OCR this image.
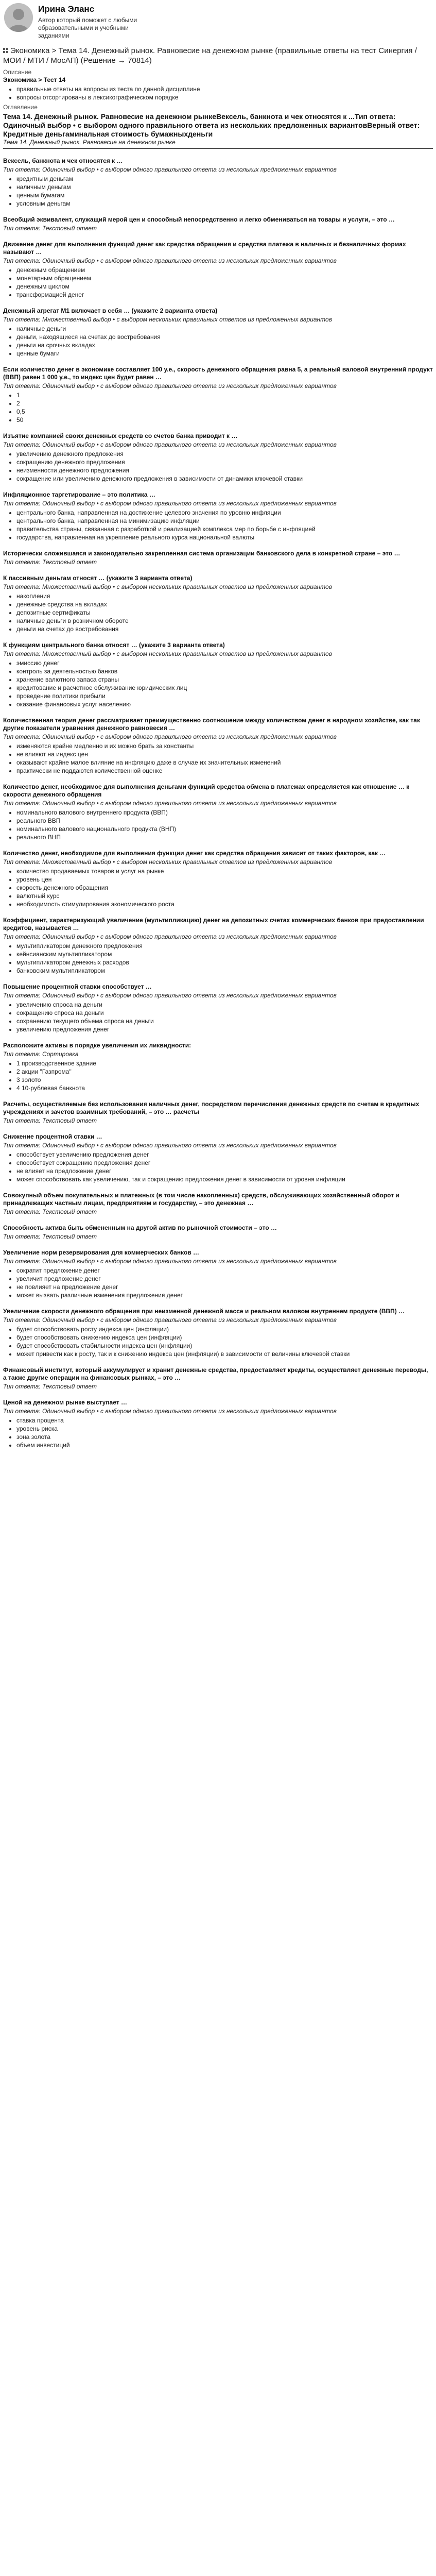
Ирина Эланс
Автор который поможет с любыми образовательными и учебными заданиями
Экономика > Тема 14. Денежный рынок. Равновесие на денежном рынке (правильные ответы на тест Синергия / МОИ / МТИ / МосАП) (Решение → 70814)
Описание
Экономика > Тест 14
• правильные ответы на вопросы из теста по данной дисциплине
• вопросы отсортированы в лексикографическом порядке
Оглавление
Тема 14. Денежный рынок. Равновесие на денежном рынкеВексель, банкнота и чек относятся к ...Тип ответа: Одиночный выбор • с выбором одного правильного ответа из нескольких предложенных вариантовВерный ответ: Кредитные деньгаминальная стоимость бумажныхденьги
Тема 14. Денежный рынок. Равновесие на денежном рынке
Вексель, банкнота и чек относятся к …
Тип ответа: Одиночный выбор • с выбором одного правильного ответа из нескольких предложенных вариантов
• кредитным деньгам
• наличным деньгам
• ценным бумагам
• условным деньгам
Всеобщий эквивалент, служащий мерой цен и способный непосредственно и легко обмениваться на товары и услуги, – это …
Тип ответа: Текстовый ответ
Движение денег для выполнения функций денег как средства обращения и средства платежа в наличных и безналичных формах называют …
Тип ответа: Одиночный выбор • с выбором одного правильного ответа из нескольких предложенных вариантов
• денежным обращением
• монетарным обращением
• денежным циклом
• трансформацией денег
Денежный агрегат М1 включает в себя … (укажите 2 варианта ответа)
Тип ответа: Множественный выбор • с выбором нескольких правильных ответов из предложенных вариантов
• наличные деньги
• деньги, находящиеся на счетах до востребования
• деньги на срочных вкладах
• ценные бумаги
Если количество денег в экономике составляет 100 у.е., скорость денежного обращения равна 5, а реальный валовой внутренний продукт (ВВП) равен 1 000 у.е., то индекс цен будет равен …
Тип ответа: Одиночный выбор • с выбором одного правильного ответа из нескольких предложенных вариантов
• 1
• 2
• 0,5
• 50
Изъятие компанией своих денежных средств со счетов банка приводит к …
Тип ответа: Одиночный выбор • с выбором одного правильного ответа из нескольких предложенных вариантов
• увеличению денежного предложения
• сокращению денежного предложения
• неизменности денежного предложения
• сокращение или увеличению денежного предложения в зависимости от динамики ключевой ставки
Инфляционное таргетирование – это политика …
Тип ответа: Одиночный выбор • с выбором одного правильного ответа из нескольких предложенных вариантов
• центрального банка, направленная на достижение целевого значения по уровню инфляции
• центрального банка, направленная на минимизацию инфляции
• правительства страны, связанная с разработкой и реализацией комплекса мер по борьбе с инфляцией
• государства, направленная на укрепление реального курса национальной валюты
Исторически сложившаяся и законодательно закрепленная система организации банковского дела в конкретной стране – это …
Тип ответа: Текстовый ответ
К пассивным деньгам относят … (укажите 3 варианта ответа)
Тип ответа: Множественный выбор • с выбором нескольких правильных ответов из предложенных вариантов
• накопления
• денежные средства на вкладах
• депозитные сертификаты
• наличные деньги в розничном обороте
• деньги на счетах до востребования
К функциям центрального банка относят … (укажите 3 варианта ответа)
Тип ответа: Множественный выбор • с выбором нескольких правильных ответов из предложенных вариантов
• эмиссию денег
• контроль за деятельностью банков
• хранение валютного запаса страны
• кредитование и расчетное обслуживание юридических лиц
• проведение политики прибыли
• оказание финансовых услуг населению
Количественная теория денег рассматривает преимущественно соотношение между количеством денег в народном хозяйстве, как так другие показатели уравнения денежного равновесия …
Тип ответа: Одиночный выбор • с выбором одного правильного ответа из нескольких предложенных вариантов
• изменяются крайне медленно и их можно брать за константы
• не влияют на индекс цен
• оказывают крайне малое влияние на инфляцию даже в случае их значительных изменений
• практически не поддаются количественной оценке
Количество денег, необходимое для выполнения деньгами функций средства обмена в платежах определяется как отношение … к скорости денежного обращения
Тип ответа: Одиночный выбор • с выбором одного правильного ответа из нескольких предложенных вариантов
• номинального валового внутреннего продукта (ВВП)
• реального ВВП
• номинального валового национального продукта (ВНП)
• реального ВНП
Количество денег, необходимое для выполнения функции денег как средства обращения зависит от таких факторов, как …
Тип ответа: Множественный выбор • с выбором нескольких правильных ответов из предложенных вариантов
• количество продаваемых товаров и услуг на рынке
• уровень цен
• скорость денежного обращения
• валютный курс
• необходимость стимулирования экономического роста
Коэффициент, характеризующий увеличение (мультипликацию) денег на депозитных счетах коммерческих банков при предоставлении кредитов, называется …
Тип ответа: Одиночный выбор • с выбором одного правильного ответа из нескольких предложенных вариантов
• мультипликатором денежного предложения
• кейнсианским мультипликатором
• мультипликатором денежных расходов
• банковским мультипликатором
Повышение процентной ставки способствует …
Тип ответа: Одиночный выбор • с выбором одного правильного ответа из нескольких предложенных вариантов
• увеличению спроса на деньги
• сокращению спроса на деньги
• сохранению текущего объема спроса на деньги
• увеличению предложения денег
Расположите активы в порядке увеличения их ликвидности:
Тип ответа: Сортировка
• 1 производственное здание
• 2 акции "Газпрома"
• 3 золото
• 4 10-рублевая банкнота
Расчеты, осуществляемые без использования наличных денег, посредством перечисления денежных средств по счетам в кредитных учреждениях и зачетов взаимных требований, – это … расчеты
Тип ответа: Текстовый ответ
Снижение процентной ставки …
Тип ответа: Одиночный выбор • с выбором одного правильного ответа из нескольких предложенных вариантов
• способствует увеличению предложения денег
• способствует сокращению предложения денег
• не влияет на предложение денег
• может способствовать как увеличению, так и сокращению предложения денег в зависимости от уровня инфляции
Совокупный объем покупательных и платежных (в том числе накопленных) средств, обслуживающих хозяйственный оборот и принадлежащих частным лицам, предприятиям и государству, – это денежная …
Тип ответа: Текстовый ответ
Способность актива быть обмененным на другой актив по рыночной стоимости – это …
Тип ответа: Текстовый ответ
Увеличение норм резервирования для коммерческих банков …
Тип ответа: Одиночный выбор • с выбором одного правильного ответа из нескольких предложенных вариантов
• сократит предложение денег
• увеличит предложение денег
• не повлияет на предложение денег
• может вызвать различные изменения предложения денег
Увеличение скорости денежного обращения при неизменной денежной массе и реальном валовом внутреннем продукте (ВВП) …
Тип ответа: Одиночный выбор • с выбором одного правильного ответа из нескольких предложенных вариантов
• будет способствовать росту индекса цен (инфляции)
• будет способствовать снижению индекса цен (инфляции)
• будет способствовать стабильности индекса цен (инфляции)
• может привести как к росту, так и к снижению индекса цен (инфляции) в зависимости от величины ключевой ставки
Финансовый институт, который аккумулирует и хранит денежные средства, предоставляет кредиты, осуществляет денежные переводы, а также другие операции на финансовых рынках, – это …
Тип ответа: Текстовый ответ
Ценой на денежном рынке выступает …
Тип ответа: Одиночный выбор • с выбором одного правильного ответа из нескольких предложенных вариантов
• ставка процента
• уровень риска
• зона золота
• объем инвестиций
